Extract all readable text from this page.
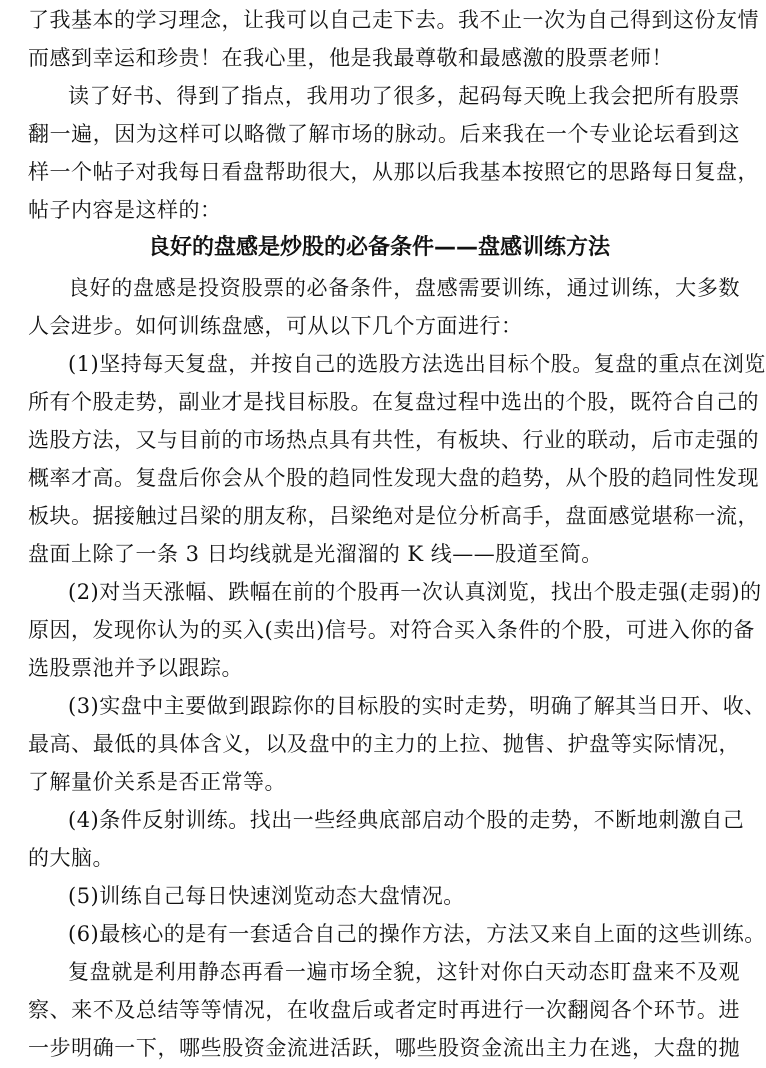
了我基本的学习理念，让我可以自己走下去。我不止一次为自己得到这份友情
而感到幸运和珍贵！在我心里，他是我最尊敬和最感激的股票老师！
读了好书、得到了指点，我用功了很多，起码每天晚上我会把所有股票
翻一遍，因为这样可以略微了解市场的脉动。后来我在一个专业论坛看到这
样一个帖子对我每日看盘帮助很大，从那以后我基本按照它的思路每日复盘，
帖子内容是这样的：
良好的盘感是炒股的必备条件——盘感训练方法
良好的盘感是投资股票的必备条件，盘感需要训练，通过训练，大多数
人会进步。如何训练盘感，可从以下几个方面进行：
(1)坚持每天复盘，并按自己的选股方法选出目标个股。复盘的重点在浏览
所有个股走势，副业才是找目标股。在复盘过程中选出的个股，既符合自己的
选股方法，又与目前的市场热点具有共性，有板块、行业的联动，后市走强的
概率才高。复盘后你会从个股的趋同性发现大盘的趋势，从个股的趋同性发现
板块。据接触过吕梁的朋友称，吕梁绝对是位分析高手，盘面感觉堪称一流，
盘面上除了一条 3 日均线就是光溜溜的 K 线——股道至简。
(2)对当天涨幅、跌幅在前的个股再一次认真浏览，找出个股走强(走弱)的
原因，发现你认为的买入(卖出)信号。对符合买入条件的个股，可进入你的备
选股票池并予以跟踪。
(3)实盘中主要做到跟踪你的目标股的实时走势，明确了解其当日开、收、
最高、最低的具体含义，以及盘中的主力的上拉、抛售、护盘等实际情况，
了解量价关系是否正常等。
(4)条件反射训练。找出一些经典底部启动个股的走势，不断地刺激自己
的大脑。
(5)训练自己每日快速浏览动态大盘情况。
(6)最核心的是有一套适合自己的操作方法，方法又来自上面的这些训练。
复盘就是利用静态再看一遍市场全貌，这针对你白天动态盯盘来不及观
察、来不及总结等等情况，在收盘后或者定时再进行一次翻阅各个环节。进
一步明确一下，哪些股资金流进活跃，哪些股资金流出主力在逃，大盘的抛
